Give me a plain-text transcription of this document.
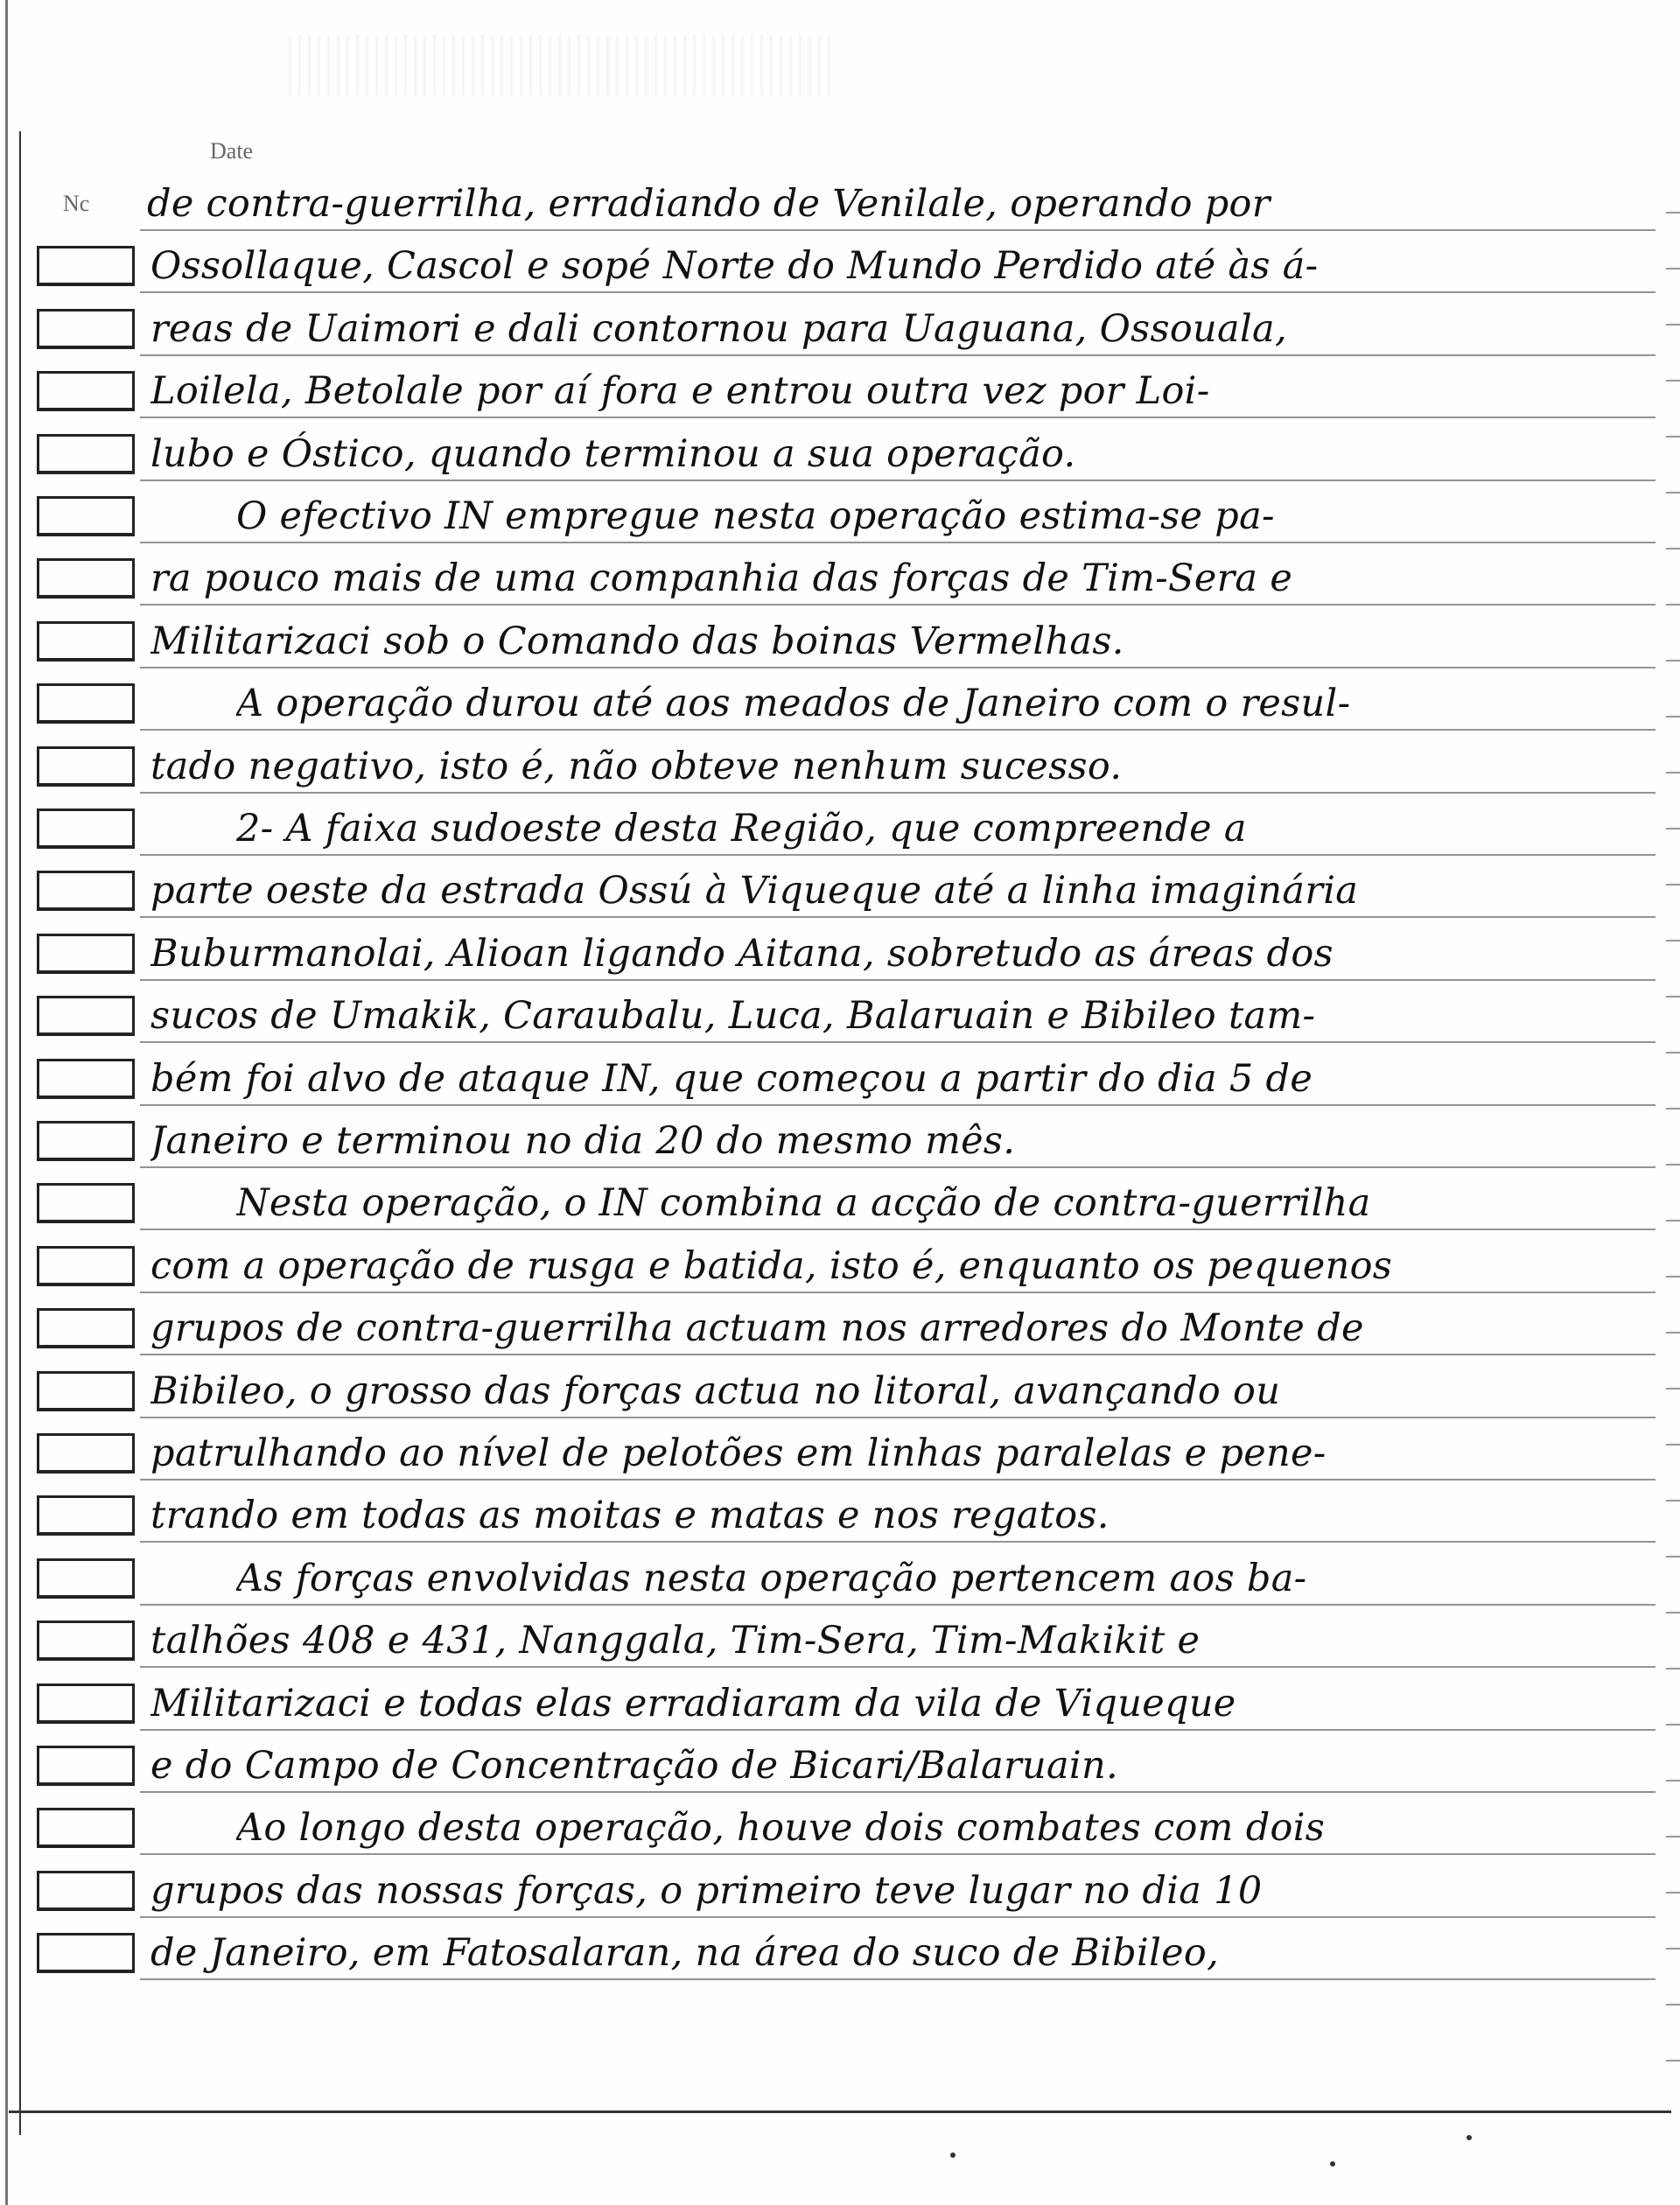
Date
Nc de contra-guerrilha, erradiando de Venilale, operando por
Ossollaque, Cascol e sopé Norte do Mundo Perdido até às á-
reas de Uaimori e dali contornou para Uaguana, Ossouala,
Loilela, Betolale por aí fora e entrou outra vez por Loi-
lubo e Óstico, quando terminou a sua operação.
O efectivo IN empregue nesta operação estima-se pa-
ra pouco mais de uma companhia das forças de Tim-Sera e
Militarizaci sob o Comando das boinas Vermelhas.
A operação durou até aos meados de Janeiro com o resul-
tado negativo, isto é, não obteve nenhum sucesso.
2- A faixa sudoeste desta Região, que compreende a
parte oeste da estrada Ossú à Viqueque até a linha imaginária
Buburmanolai, Alioan ligando Aitana, sobretudo as áreas dos
sucos de Umakik, Caraubalu, Luca, Balaruain e Bibileo tam-
bém foi alvo de ataque IN, que começou a partir do dia 5 de
Janeiro e terminou no dia 20 do mesmo mês.
Nesta operação, o IN combina a acção de contra-guerrilha
com a operação de rusga e batida, isto é, enquanto os pequenos
grupos de contra-guerrilha actuam nos arredores do Monte de
Bibileo, o grosso das forças actua no litoral, avançando ou
patrulhando ao nível de pelotões em linhas paralelas e pene-
trando em todas as moitas e matas e nos regatos.
As forças envolvidas nesta operação pertencem aos ba-
talhões 408 e 431, Nanggala, Tim-Sera, Tim-Makikit e
Militarizaci e todas elas erradiaram da vila de Viqueque
e do Campo de Concentração de Bicari/Balaruain.
Ao longo desta operação, houve dois combates com dois
grupos das nossas forças, o primeiro teve lugar no dia 10
de Janeiro, em Fatosalaran, na área do suco de Bibileo,
